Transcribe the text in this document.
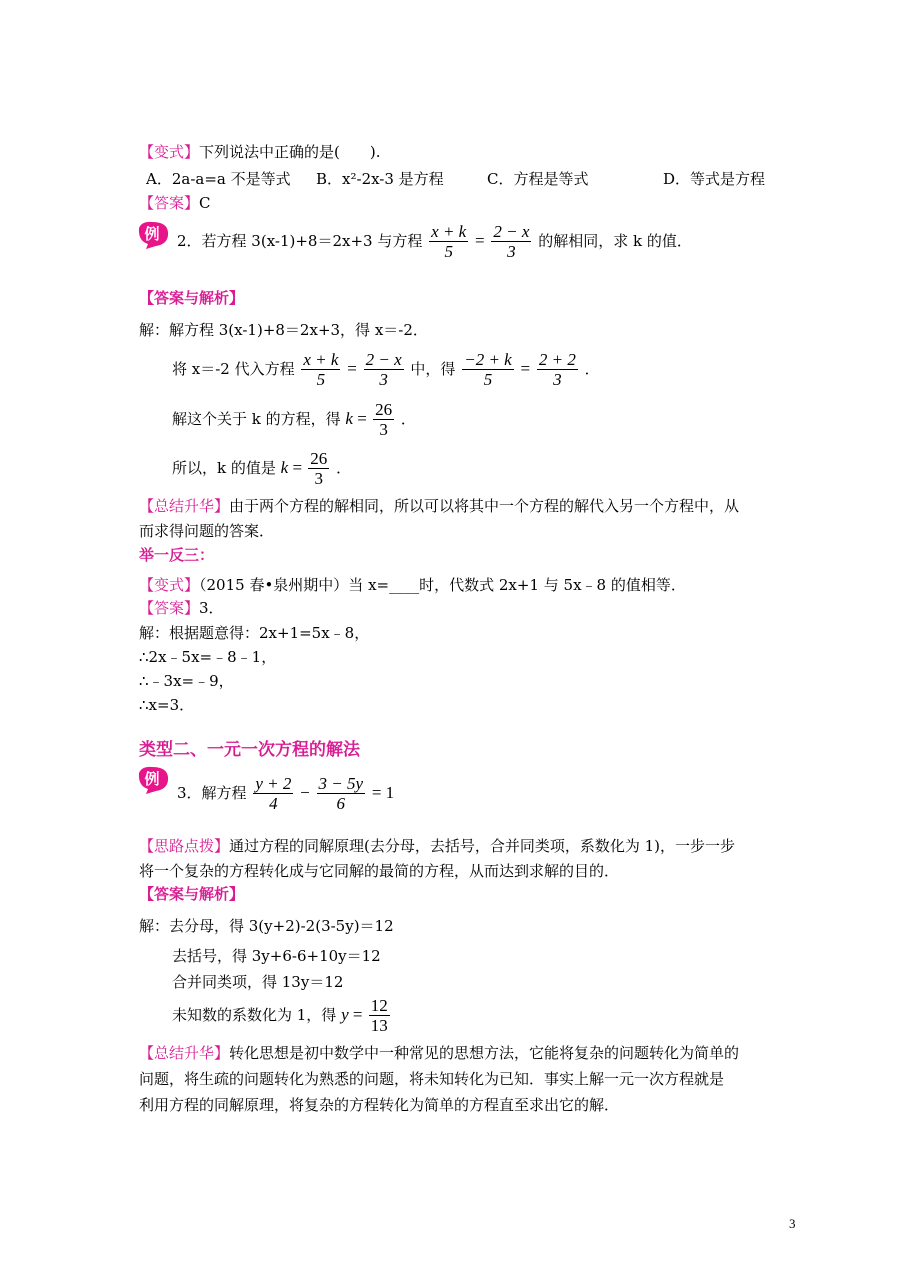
【变式】下列说法中正确的是(　　).
A．2a-a=a 不是等式 B．x²-2x-3 是方程	C．方程是等式	D．等式是方程
【答案】C
例 2．若方程 3(x-1)+8＝2x+3 与方程 $\frac{x + k}{5} = \frac{2 - x}{3}$ 的解相同，求 k 的值．
【答案与解析】
解：解方程 3(x-1)+8＝2x+3，得 x＝-2．
将 x＝-2 代入方程 $\frac{x + k}{5} = \frac{2 - x}{3}$ 中，得 $\frac{-2 + k}{5} = \frac{2 + 2}{3}$ ．
解这个关于 k 的方程，得 $k = \frac{26}{3}$ ．
所以，k 的值是 $k = \frac{26}{3}$ ．
【总结升华】由于两个方程的解相同，所以可以将其中一个方程的解代入另一个方程中，从
而求得问题的答案．
举一反三：
【变式】（2015 春•泉州期中）当 x=____时，代数式 2x+1 与 5x﹣8 的值相等．
【答案】3．
解：根据题意得：2x+1=5x﹣8，
∴2x﹣5x=﹣8﹣1，
∴﹣3x=﹣9，
∴x=3．
类型二、一元一次方程的解法
例
3．解方程 $\frac{y + 2}{4} - \frac{3 - 5y}{6} = 1$
【思路点拨】通过方程的同解原理(去分母，去括号，合并同类项，系数化为 1)，一步一步
将一个复杂的方程转化成与它同解的最简的方程，从而达到求解的目的．
【答案与解析】
解：去分母，得 3(y+2)-2(3-5y)＝12
去括号，得 3y+6-6+10y＝12
合并同类项，得 13y＝12
未知数的系数化为 1，得 $y = \frac{12}{13}$
【总结升华】转化思想是初中数学中一种常见的思想方法，它能将复杂的问题转化为简单的
问题，将生疏的问题转化为熟悉的问题，将未知转化为已知．事实上解一元一次方程就是
利用方程的同解原理，将复杂的方程转化为简单的方程直至求出它的解．
3
